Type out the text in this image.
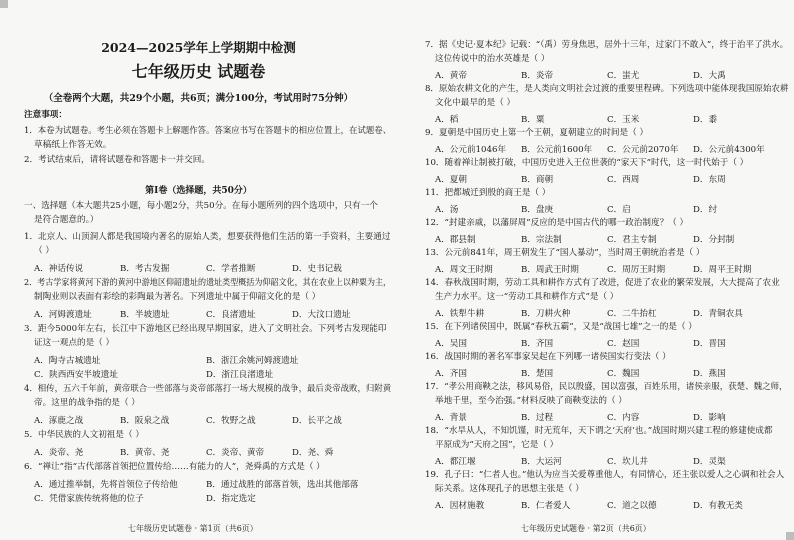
2024—2025学年上学期期中检测
七年级历史 试题卷
（全卷两个大题，共29个小题，共6页；满分100分，考试用时75分钟）
注意事项：
1．本卷为试题卷。考生必须在答题卡上解题作答。答案应书写在答题卡的相应位置上，在试题卷、
草稿纸上作答无效。
2．考试结束后，请将试题卷和答题卡一并交回。
第Ⅰ卷（选择题，共50分）
一、选择题（本大题共25小题，每小题2分，共50分。在每小题所列的四个选项中，只有一个
是符合题意的。）
1．北京人、山顶洞人都是我国境内著名的原始人类，想要获得他们生活的第一手资料，主要通过
（ ）
A．神话传说	B．考古发掘	C．学者推断	D．史书记载
2．考古学家将黄河下游的黄河中游地区仰韶遗址的遗址类型概括为仰韶文化，其在农业上以种粟为主，
制陶业则以表面有彩绘的彩陶最为著名。下列遗址中属于仰韶文化的是（ ）
A．河姆渡遗址	B．半坡遗址	C．良渚遗址	D．大汶口遗址
3．距今5000年左右，长江中下游地区已经出现早期国家，进入了文明社会。下列考古发现能印
证这一观点的是（ ）
A．陶寺古城遗址	B．浙江余姚河姆渡遗址
C．陕西西安半坡遗址	D．浙江良渚遗址
4．相传，五六千年前，黄帝联合一些部落与炎帝部落打一场大规模的战争，最后炎帝战败，归附黄
帝。这里的战争指的是（ ）
A．涿鹿之战	B．阪泉之战	C．牧野之战	D．长平之战
5．中华民族的人文初祖是（ ）
A．炎帝、尧	B．黄帝、尧	C．炎帝、黄帝	D．尧、舜
6．“禅让”指“古代部落首领把位置传给……有能力的人”，尧舜禹的方式是（ ）
A．通过推举制，先将首领位子传给他	B．通过战胜的部落首领，选出其他部落
C．凭借家族传统将他的位子	D．指定选定
七年级历史试题卷 · 第1页（共6页）
7．据《史记·夏本纪》记载：“（禹）劳身焦思，居外十三年，过家门不敢入”，终于治平了洪水。
这位传说中的治水英雄是（ ）
A．黄帝	B．炎帝	C．蚩尤	D．大禹
8．原始农耕文化的产生，是人类向文明社会过渡的重要里程碑。下列选项中能体现我国原始农耕
文化中最早的是（ ）
A．稻	B．粟	C．玉米	D．黍
9．夏朝是中国历史上第一个王朝，夏朝建立的时间是（ ）
A．公元前1046年 B．公元前1600年 C．公元前2070年 D．公元前4300年
10．随着禅让制被打破，中国历史进入王位世袭的“家天下”时代，这一时代始于（ ）
A．夏朝	B．商朝	C．西周	D．东周
11．把都城迁到殷的商王是（ ）
A．汤	B．盘庚	C．启	D．纣
12．“封建亲戚，以藩屏周”反应的是中国古代的哪一政治制度？（ ）
A．郡县制	B．宗法制	C．君主专制	D．分封制
13．公元前841年，周王朝发生了“国人暴动”，当时周王朝统治者是（ ）
A．周文王时期	B．周武王时期	C．周厉王时期	D．周平王时期
14．春秋战国时期，劳动工具和耕作方式有了改进，促进了农业的繁荣发展，大大提高了农业
生产力水平。这一“劳动工具和耕作方式”是（ ）
A．铁犁牛耕	B．刀耕火种	C．二牛抬杠	D．青铜农具
15．在下列诸侯国中，既属“春秋五霸”，又是“战国七雄”之一的是（ ）
A．吴国	B．齐国	C．赵国	D．晋国
16．战国时期的著名军事家吴起在下列哪一诸侯国实行变法（ ）
A．齐国	B．楚国	C．魏国	D．燕国
17．“孝公用商鞅之法，移风易俗，民以殷盛，国以富强，百姓乐用，诸侯亲服，获楚、魏之师，
举地千里，至今治强。”材料反映了商鞅变法的（ ）
A．背景	B．过程	C．内容	D．影响
18．“水旱从人，不知饥馑，时无荒年，天下谓之‘天府’也。”战国时期兴建工程的修建使成都
平原成为“天府之国”，它是（ ）
A．都江堰	B．大运河	C．坎儿井	D．灵渠
19．孔子曰：“仁者人也。”他认为应当关爱尊重他人，有同情心，还主张以爱人之心调和社会人
际关系。这体现孔子的思想主张是（ ）
A．因材施教	B．仁者爱人	C．道之以德	D．有教无类
七年级历史试题卷 · 第2页（共6页）
